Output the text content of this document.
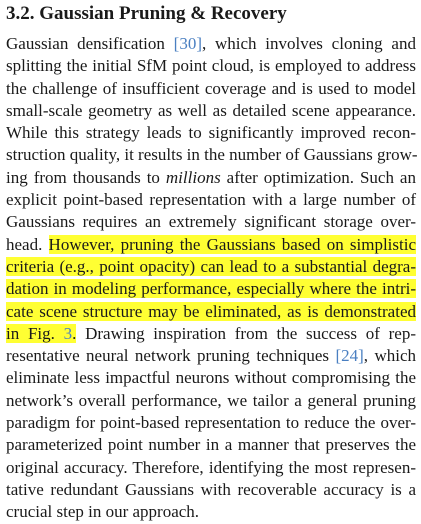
3.2. Gaussian Pruning & Recovery
Gaussian densification [30], which involves cloning and
splitting the initial SfM point cloud, is employed to address
the challenge of insufficient coverage and is used to model
small-scale geometry as well as detailed scene appearance.
While this strategy leads to significantly improved recon-
struction quality, it results in the number of Gaussians grow-
ing from thousands to millions after optimization. Such an
explicit point-based representation with a large number of
Gaussians requires an extremely significant storage over-
head. However, pruning the Gaussians based on simplistic
criteria (e.g., point opacity) can lead to a substantial degra-
dation in modeling performance, especially where the intri-
cate scene structure may be eliminated, as is demonstrated
in Fig. 3. Drawing inspiration from the success of rep-
resentative neural network pruning techniques [24], which
eliminate less impactful neurons without compromising the
network’s overall performance, we tailor a general pruning
paradigm for point-based representation to reduce the over-
parameterized point number in a manner that preserves the
original accuracy. Therefore, identifying the most represen-
tative redundant Gaussians with recoverable accuracy is a
crucial step in our approach.
